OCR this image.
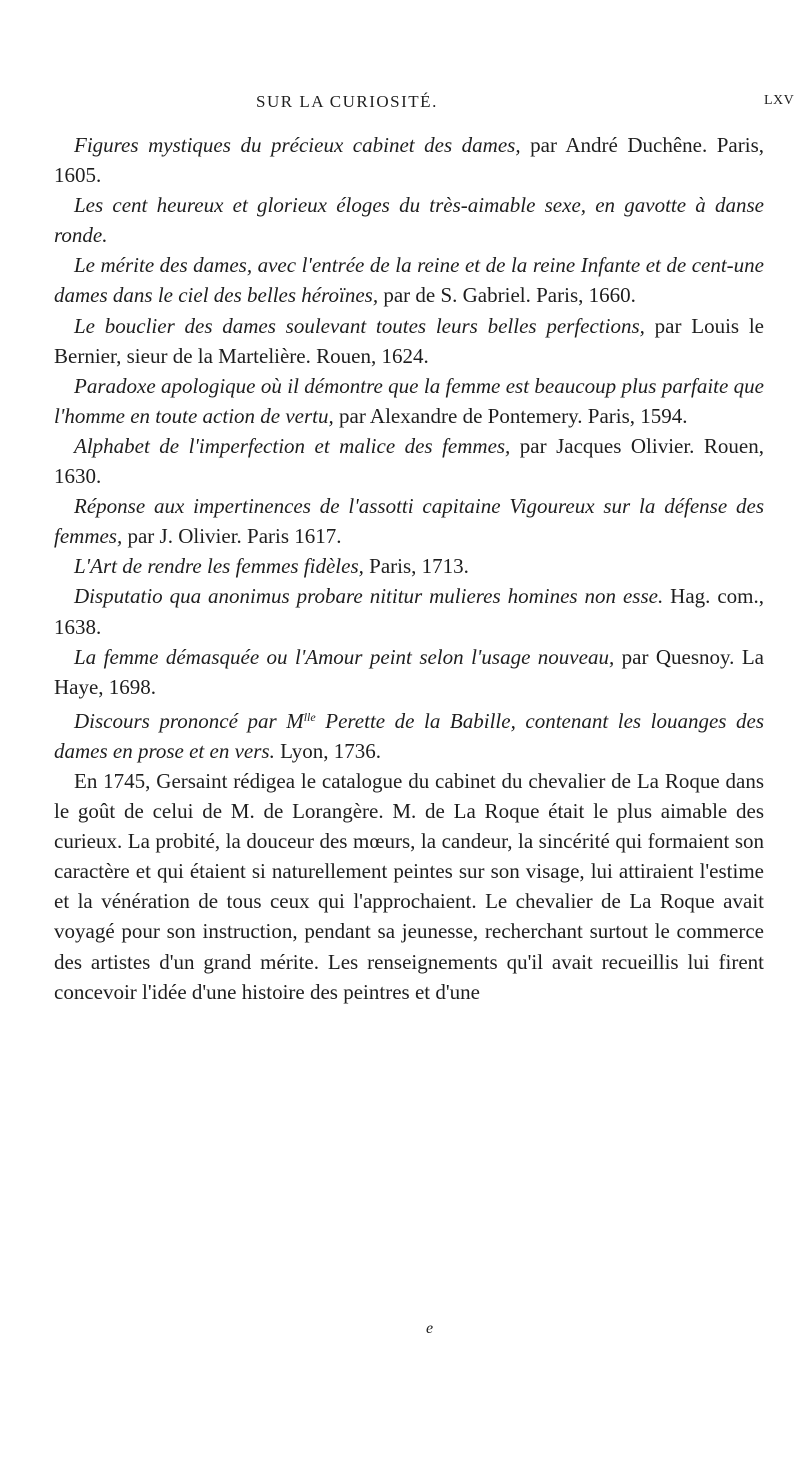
SUR LA CURIOSITÉ.	LXV

Figures mystiques du précieux cabinet des dames, par André Duchêne. Paris, 1605.

Les cent heureux et glorieux éloges du très-aimable sexe, en gavotte à danse ronde.

Le mérite des dames, avec l'entrée de la reine et de la reine Infante et de cent-une dames dans le ciel des belles héroïnes, par de S. Gabriel. Paris, 1660.

Le bouclier des dames soulevant toutes leurs belles perfections, par Louis le Bernier, sieur de la Martelière. Rouen, 1624.

Paradoxe apologique où il démontre que la femme est beaucoup plus parfaite que l'homme en toute action de vertu, par Alexandre de Pontemery. Paris, 1594.

Alphabet de l'imperfection et malice des femmes, par Jacques Olivier. Rouen, 1630.

Réponse aux impertinences de l'assotti capitaine Vigoureux sur la défense des femmes, par J. Olivier. Paris 1617.

L'Art de rendre les femmes fidèles, Paris, 1713.

Disputatio qua anonimus probare nititur mulieres homines non esse. Hag. com., 1638.

La femme démasquée ou l'Amour peint selon l'usage nouveau, par Quesnoy. La Haye, 1698.

Discours prononcé par $M^{lle}$ Perette de la Babille, contenant les louanges des dames en prose et en vers. Lyon, 1736.

En 1745, Gersaint rédigea le catalogue du cabinet du chevalier de La Roque dans le goût de celui de M. de Lorangère. M. de La Roque était le plus aimable des curieux. La probité, la douceur des mœurs, la candeur, la sincérité qui formaient son caractère et qui étaient si naturellement peintes sur son visage, lui attiraient l'estime et la vénération de tous ceux qui l'approchaient. Le chevalier de La Roque avait voyagé pour son instruction, pendant sa jeunesse, recherchant surtout le commerce des artistes d'un grand mérite. Les renseignements qu'il avait recueillis lui firent concevoir l'idée d'une histoire des peintres et d'une

e
